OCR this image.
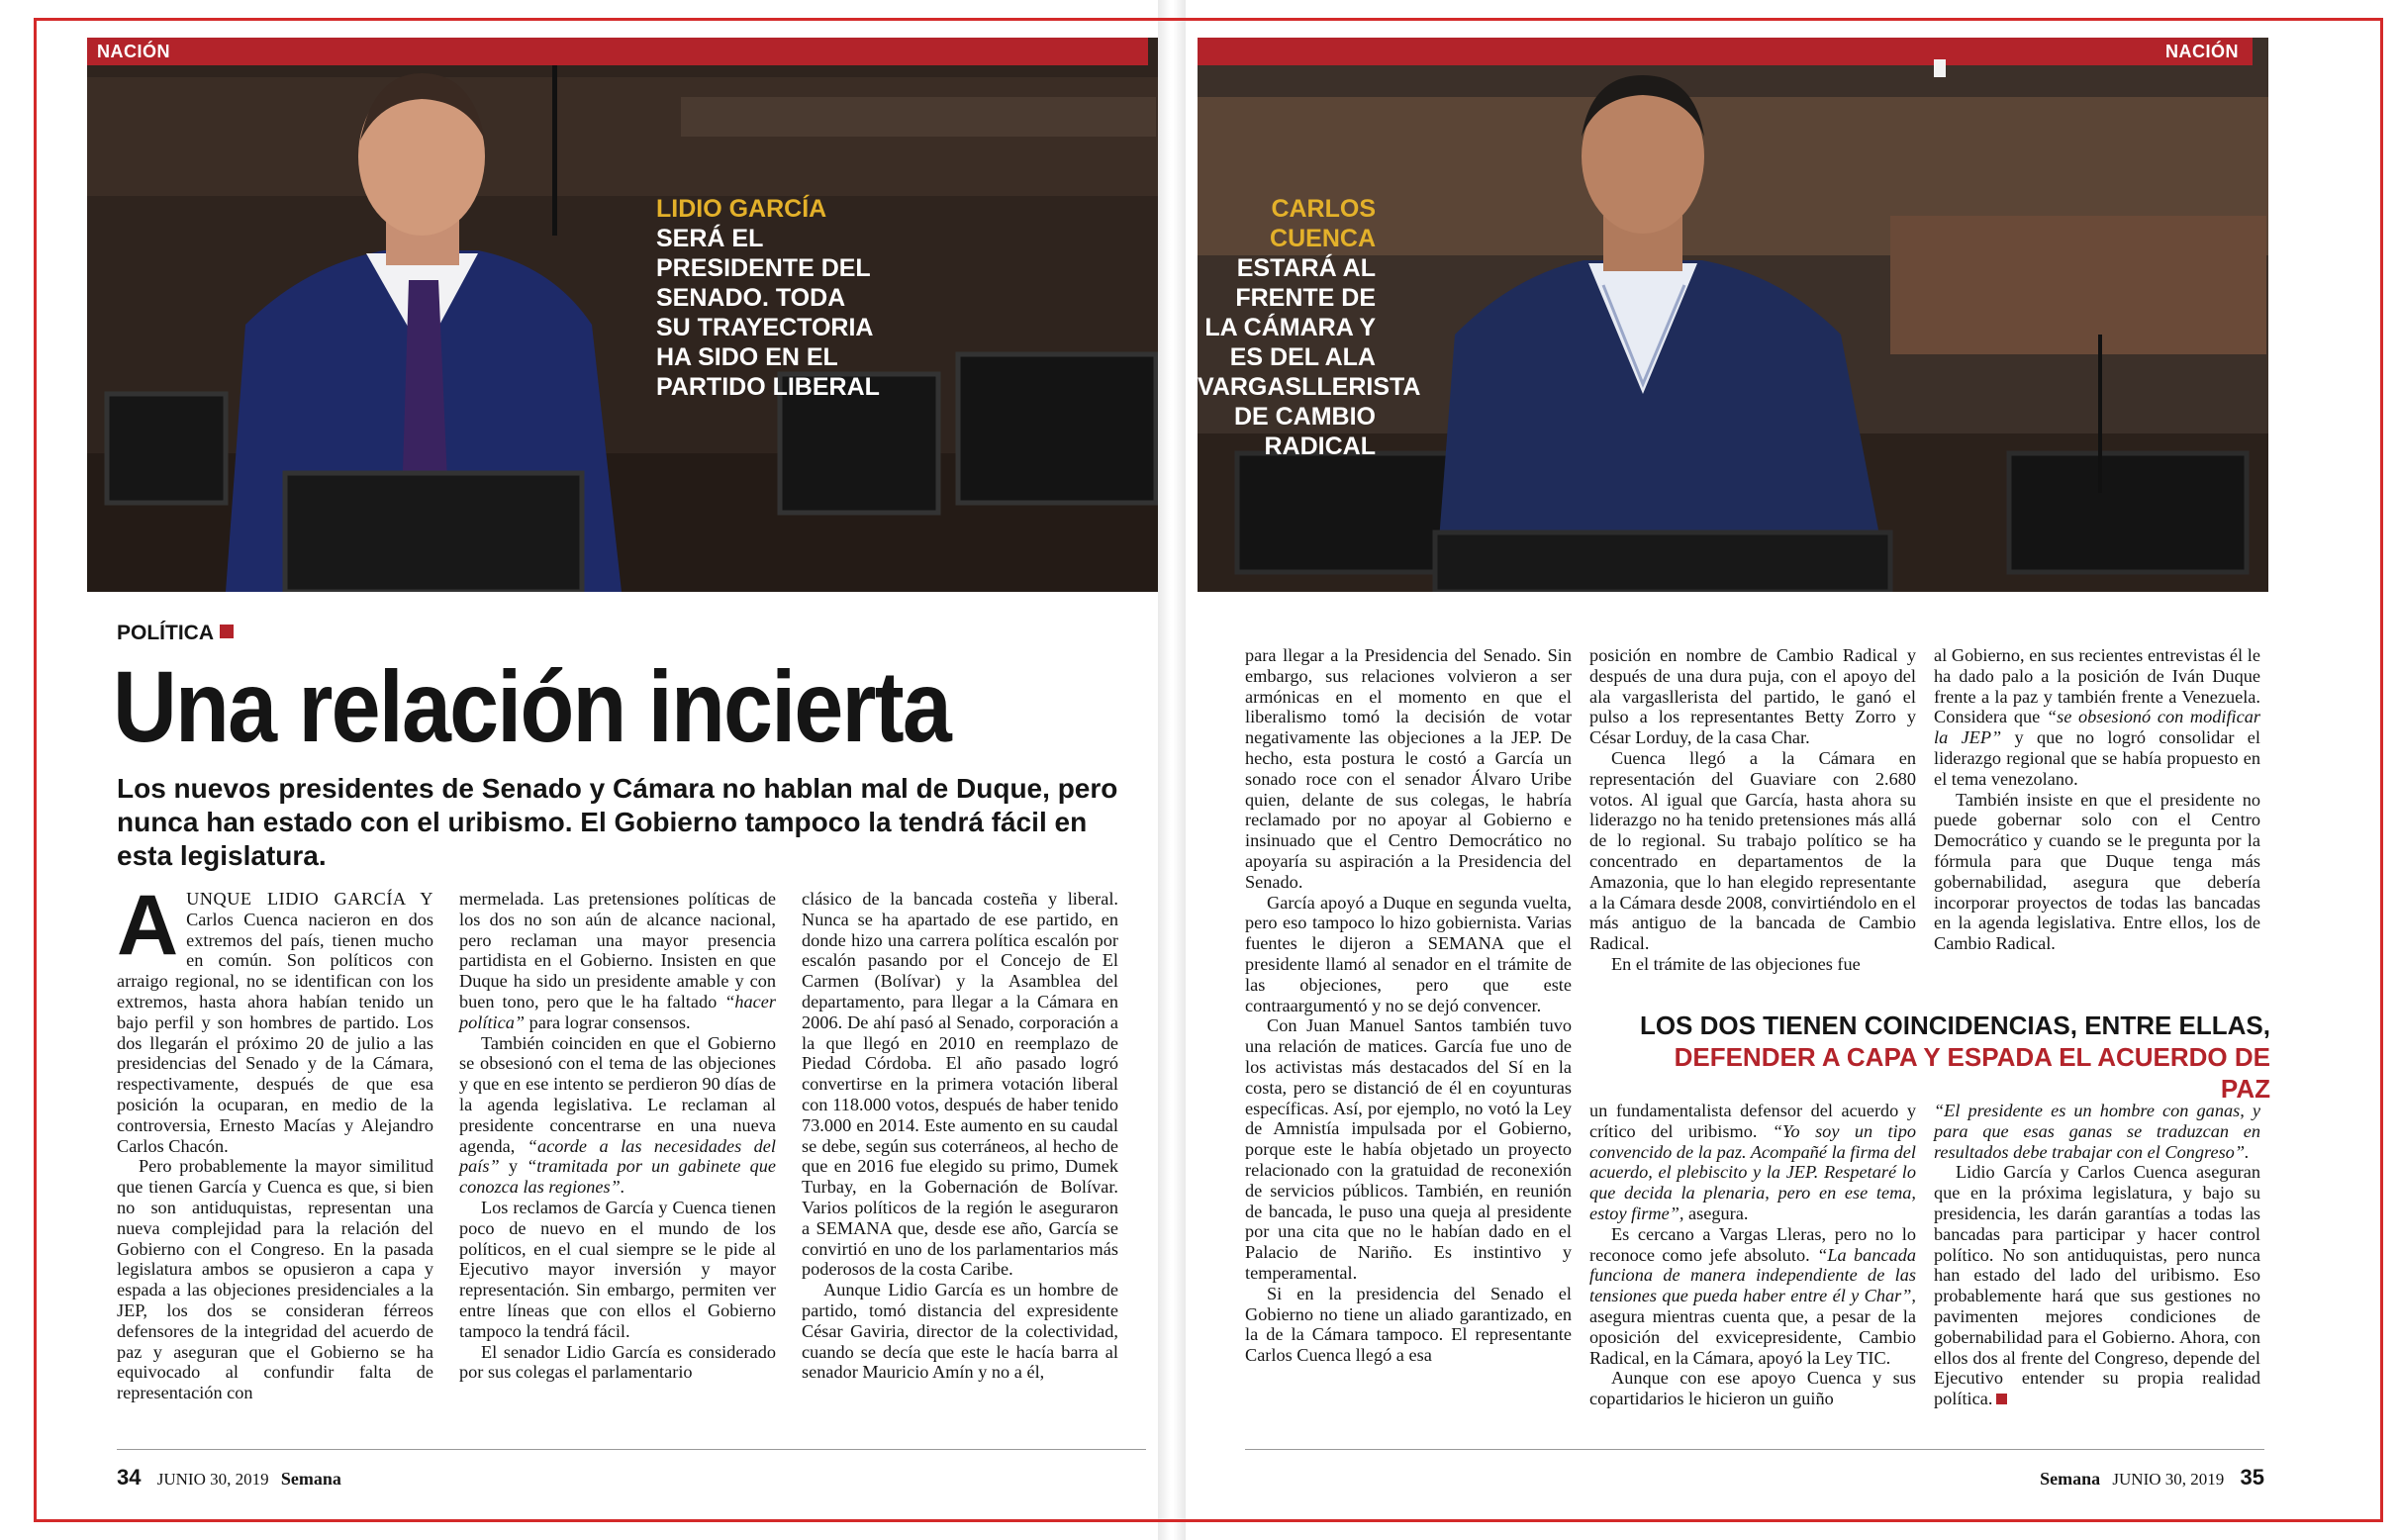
NACIÓN
LIDIO GARCÍA
SERÁ EL PRESIDENTE DEL SENADO. TODA SU TRAYECTORIA HA SIDO EN EL PARTIDO LIBERAL
POLÍTICA
Una relación incierta
Los nuevos presidentes de Senado y Cámara no hablan mal de Duque, pero nunca han estado con el uribismo. El Gobierno tampoco la tendrá fácil en esta legislatura.

AUNQUE LIDIO GARCÍA Y Carlos Cuenca nacieron en dos extremos del país, tienen mucho en común. Son políticos con arraigo regional, no se identifican con los extremos, hasta ahora habían tenido un bajo perfil y son hombres de partido. Los dos llegarán el próximo 20 de julio a las presidencias del Senado y de la Cámara, respectivamente, después de que esa posición la ocuparan, en medio de la controversia, Ernesto Macías y Alejandro Carlos Chacón.

Pero probablemente la mayor similitud que tienen García y Cuenca es que, si bien no son antiduquistas, representan una nueva complejidad para la relación del Gobierno con el Congreso. En la pasada legislatura ambos se opusieron a capa y espada a las objeciones presidenciales a la JEP, los dos se consideran férreos defensores de la integridad del acuerdo de paz y aseguran que el Gobierno se ha equivocado al confundir falta de representación con

mermelada. Las pretensiones políticas de los dos no son aún de alcance nacional, pero reclaman una mayor presencia partidista en el Gobierno. Insisten en que Duque ha sido un presidente amable y con buen tono, pero que le ha faltado “hacer política” para lograr consensos.

También coinciden en que el Gobierno se obsesionó con el tema de las objeciones y que en ese intento se perdieron 90 días de la agenda legislativa. Le reclaman al presidente concentrarse en una nueva agenda, “acorde a las necesidades del país” y “tramitada por un gabinete que conozca las regiones”.

Los reclamos de García y Cuenca tienen poco de nuevo en el mundo de los políticos, en el cual siempre se le pide al Ejecutivo mayor inversión y mayor representación. Sin embargo, permiten ver entre líneas que con ellos el Gobierno tampoco la tendrá fácil.

El senador Lidio García es considerado por sus colegas el parlamentario

clásico de la bancada costeña y liberal. Nunca se ha apartado de ese partido, en donde hizo una carrera política escalón por escalón pasando por el Concejo de El Carmen (Bolívar) y la Asamblea del departamento, para llegar a la Cámara en 2006. De ahí pasó al Senado, corporación a la que llegó en 2010 en reemplazo de Piedad Córdoba. El año pasado logró convertirse en la primera votación liberal con 118.000 votos, después de haber tenido 73.000 en 2014. Este aumento en su caudal se debe, según sus coterráneos, al hecho de que en 2016 fue elegido su primo, Dumek Turbay, en la Gobernación de Bolívar. Varios políticos de la región le aseguraron a SEMANA que, desde ese año, García se convirtió en uno de los parlamentarios más poderosos de la costa Caribe.

Aunque Lidio García es un hombre de partido, tomó distancia del expresidente César Gaviria, director de la colectividad, cuando se decía que este le hacía barra al senador Mauricio Amín y no a él,

34 JUNIO 30, 2019 Semana
NACIÓN
CARLOS CUENCA
ESTARÁ AL FRENTE DE LA CÁMARA Y ES DEL ALA VARGASLLERISTA DE CAMBIO RADICAL

para llegar a la Presidencia del Senado. Sin embargo, sus relaciones volvieron a ser armónicas en el momento en que el liberalismo tomó la decisión de votar negativamente las objeciones a la JEP. De hecho, esta postura le costó a García un sonado roce con el senador Álvaro Uribe quien, delante de sus colegas, le habría reclamado por no apoyar al Gobierno e insinuado que el Centro Democrático no apoyaría su aspiración a la Presidencia del Senado.

García apoyó a Duque en segunda vuelta, pero eso tampoco lo hizo gobiernista. Varias fuentes le dijeron a SEMANA que el presidente llamó al senador en el trámite de las objeciones, pero que este contraargumentó y no se dejó convencer.

Con Juan Manuel Santos también tuvo una relación de matices. García fue uno de los activistas más destacados del Sí en la costa, pero se distanció de él en coyunturas específicas. Así, por ejemplo, no votó la Ley de Amnistía impulsada por el Gobierno, porque este le había objetado un proyecto relacionado con la gratuidad de reconexión de servicios públicos. También, en reunión de bancada, le puso una queja al presidente por una cita que no le habían dado en el Palacio de Nariño. Es instintivo y temperamental.

Si en la presidencia del Senado el Gobierno no tiene un aliado garantizado, en la de la Cámara tampoco. El representante Carlos Cuenca llegó a esa

posición en nombre de Cambio Radical y después de una dura puja, con el apoyo del ala vargasllerista del partido, le ganó el pulso a los representantes Betty Zorro y César Lorduy, de la casa Char.

Cuenca llegó a la Cámara en representación del Guaviare con 2.680 votos. Al igual que García, hasta ahora su liderazgo no ha tenido pretensiones más allá de lo regional. Su trabajo político se ha concentrado en departamentos de la Amazonia, que lo han elegido representante a la Cámara desde 2008, convirtiéndolo en el más antiguo de la bancada de Cambio Radical.

En el trámite de las objeciones fue

al Gobierno, en sus recientes entrevistas él le ha dado palo a la posición de Iván Duque frente a la paz y también frente a Venezuela. Considera que “se obsesionó con modificar la JEP” y que no logró consolidar el liderazgo regional que se había propuesto en el tema venezolano.

También insiste en que el presidente no puede gobernar solo con el Centro Democrático y cuando se le pregunta por la fórmula para que Duque tenga más gobernabilidad, asegura que debería incorporar proyectos de todas las bancadas en la agenda legislativa. Entre ellos, los de Cambio Radical.

LOS DOS TIENEN COINCIDENCIAS, ENTRE ELLAS,
DEFENDER A CAPA Y ESPADA EL ACUERDO DE PAZ

un fundamentalista defensor del acuerdo y crítico del uribismo. “Yo soy un tipo convencido de la paz. Acompañé la firma del acuerdo, el plebiscito y la JEP. Respetaré lo que decida la plenaria, pero en ese tema, estoy firme”, asegura.

Es cercano a Vargas Lleras, pero no lo reconoce como jefe absoluto. “La bancada funciona de manera independiente de las tensiones que pueda haber entre él y Char”, asegura mientras cuenta que, a pesar de la oposición del exvicepresidente, Cambio Radical, en la Cámara, apoyó la Ley TIC.

Aunque con ese apoyo Cuenca y sus copartidarios le hicieron un guiño

“El presidente es un hombre con ganas, y para que esas ganas se traduzcan en resultados debe trabajar con el Congreso”.

Lidio García y Carlos Cuenca aseguran que en la próxima legislatura, y bajo su presidencia, les darán garantías a todas las bancadas para participar y hacer control político. No son antiduquistas, pero nunca han estado del lado del uribismo. Eso probablemente hará que sus gestiones no pavimenten mejores condiciones de gobernabilidad para el Gobierno. Ahora, con ellos dos al frente del Congreso, depende del Ejecutivo entender su propia realidad política.

Semana JUNIO 30, 2019 35
